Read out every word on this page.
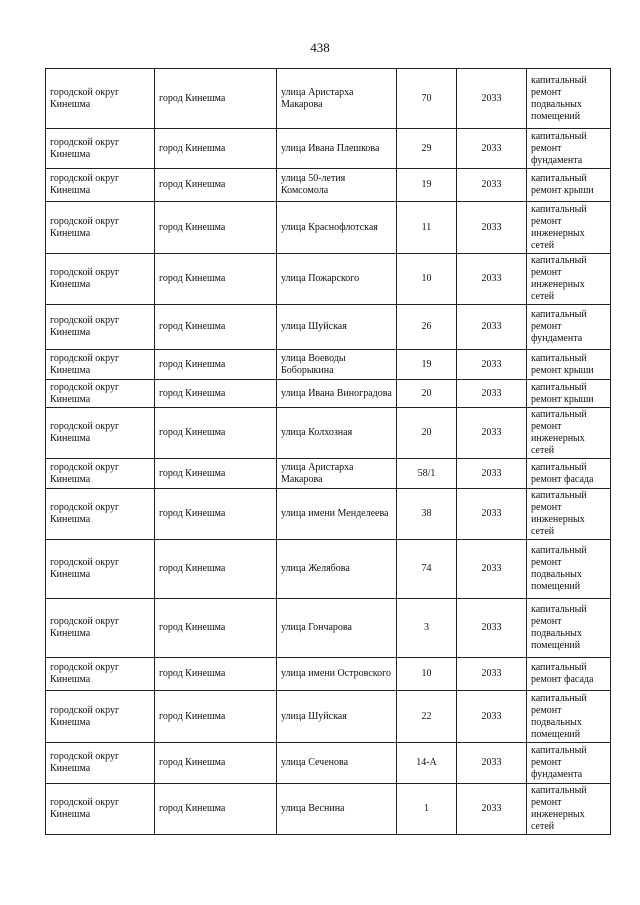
438
городской округ Кинешма	город Кинешма	улица Аристарха Макарова	70	2033	капитальный ремонт подвальных помещений
городской округ Кинешма	город Кинешма	улица Ивана Плешкова	29	2033	капитальный ремонт фундамента
городской округ Кинешма	город Кинешма	улица 50-летия Комсомола	19	2033	капитальный ремонт крыши
городской округ Кинешма	город Кинешма	улица Краснофлотская	11	2033	капитальный ремонт инженерных сетей
городской округ Кинешма	город Кинешма	улица Пожарского	10	2033	капитальный ремонт инженерных сетей
городской округ Кинешма	город Кинешма	улица Шуйская	26	2033	капитальный ремонт фундамента
городской округ Кинешма	город Кинешма	улица Воеводы Боборыкина	19	2033	капитальный ремонт крыши
городской округ Кинешма	город Кинешма	улица Ивана Виноградова	20	2033	капитальный ремонт крыши
городской округ Кинешма	город Кинешма	улица Колхозная	20	2033	капитальный ремонт инженерных сетей
городской округ Кинешма	город Кинешма	улица Аристарха Макарова	58/1	2033	капитальный ремонт фасада
городской округ Кинешма	город Кинешма	улица имени Менделеева	38	2033	капитальный ремонт инженерных сетей
городской округ Кинешма	город Кинешма	улица Желябова	74	2033	капитальный ремонт подвальных помещений
городской округ Кинешма	город Кинешма	улица Гончарова	3	2033	капитальный ремонт подвальных помещений
городской округ Кинешма	город Кинешма	улица имени Островского	10	2033	капитальный ремонт фасада
городской округ Кинешма	город Кинешма	улица Шуйская	22	2033	капитальный ремонт подвальных помещений
городской округ Кинешма	город Кинешма	улица Сеченова	14-А	2033	капитальный ремонт фундамента
городской округ Кинешма	город Кинешма	улица Веснина	1	2033	капитальный ремонт инженерных сетей
